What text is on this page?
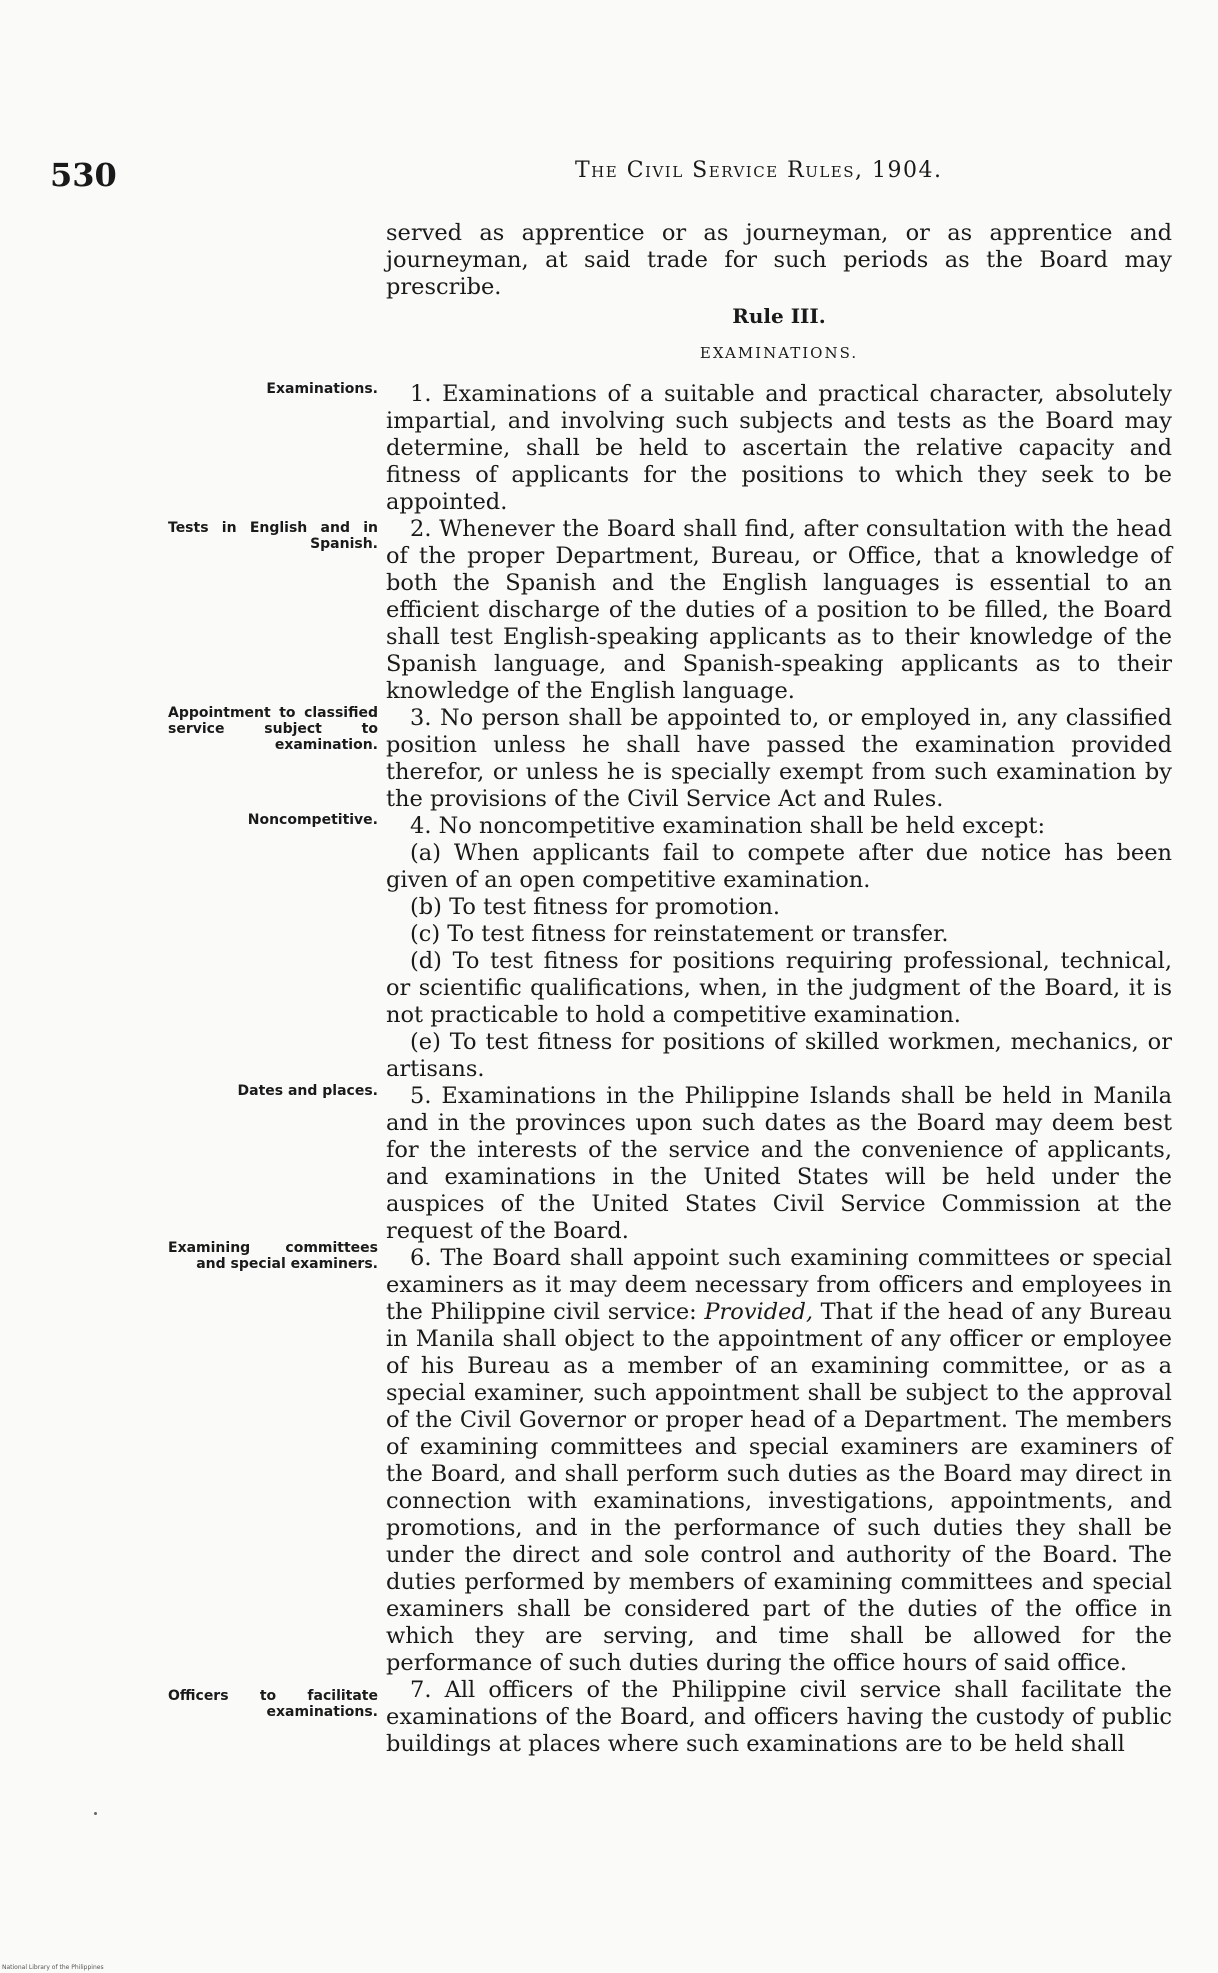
530	The Civil Service Rules, 1904.
Examinations.
Tests in English and in Spanish.
Appointment to classified service subject to examination.
Noncompetitive.
Dates and places.
Examining committees and special examiners.
Officers to facilitate examinations.

served as apprentice or as journeyman, or as apprentice and journeyman, at said trade for such periods as the Board may prescribe.

Rule III.
EXAMINATIONS.

1. Examinations of a suitable and practical character, absolutely impartial, and involving such subjects and tests as the Board may determine, shall be held to ascertain the relative capacity and fitness of applicants for the positions to which they seek to be appointed.

2. Whenever the Board shall find, after consultation with the head of the proper Department, Bureau, or Office, that a knowledge of both the Spanish and the English languages is essential to an efficient discharge of the duties of a position to be filled, the Board shall test English-speaking applicants as to their knowledge of the Spanish language, and Spanish-speaking applicants as to their knowledge of the English language.

3. No person shall be appointed to, or employed in, any classified position unless he shall have passed the examination provided therefor, or unless he is specially exempt from such examination by the provisions of the Civil Service Act and Rules.

4. No noncompetitive examination shall be held except:

(a) When applicants fail to compete after due notice has been given of an open competitive examination.

(b) To test fitness for promotion.

(c) To test fitness for reinstatement or transfer.

(d) To test fitness for positions requiring professional, technical, or scientific qualifications, when, in the judgment of the Board, it is not practicable to hold a competitive examination.

(e) To test fitness for positions of skilled workmen, mechanics, or artisans.

5. Examinations in the Philippine Islands shall be held in Manila and in the provinces upon such dates as the Board may deem best for the interests of the service and the convenience of applicants, and examinations in the United States will be held under the auspices of the United States Civil Service Commission at the request of the Board.

6. The Board shall appoint such examining committees or special examiners as it may deem necessary from officers and employees in the Philippine civil service: Provided, That if the head of any Bureau in Manila shall object to the appointment of any officer or employee of his Bureau as a member of an examining committee, or as a special examiner, such appointment shall be subject to the approval of the Civil Governor or proper head of a Department. The members of examining committees and special examiners are examiners of the Board, and shall perform such duties as the Board may direct in connection with examinations, investigations, appointments, and promotions, and in the performance of such duties they shall be under the direct and sole control and authority of the Board. The duties performed by members of examining committees and special examiners shall be considered part of the duties of the office in which they are serving, and time shall be allowed for the performance of such duties during the office hours of said office.

7. All officers of the Philippine civil service shall facilitate the examinations of the Board, and officers having the custody of public buildings at places where such examinations are to be held shall

National Library of the Philippines
